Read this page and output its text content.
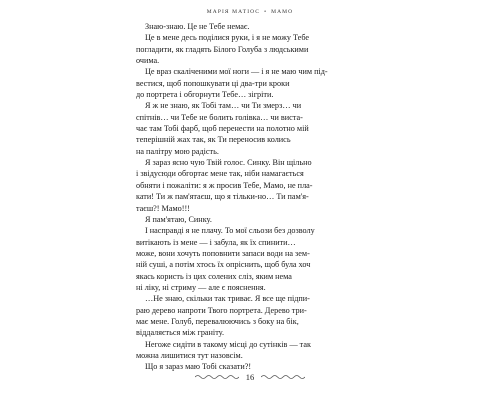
МАРІЯ МАТІОС • МАМО
Знаю-знаю. Це не Тебе немає.
Це в мене десь поділися руки, і я не можу Тебе
погладити, як гладять Білого Голуба з людськими
очима.
Це враз скаліченими мої ноги — і я не маю чим під-
вестися, щоб попошкувати ці два-три кроки
до портрета і обгорнути Тебе… зігріти.
Я ж не знаю, як Тобі там… чи Ти змерз… чи
спітнів… чи Тебе не болить голівка… чи виста-
чає там Тобі фарб, щоб перенести на полотно мій
теперішній жах так, як Ти переносив колись
на палітру мою радість.
Я зараз ясно чую Твій голос. Синку. Він щільно
і звідусюди обгортає мене так, ніби намагається
обняти і пожаліти: я ж просив Тебе, Мамо, не пла-
кати! Ти ж пам'ятаєш, що я тільки-но… Ти пам'я-
таєш?! Мамо!!!
Я пам'ятаю, Синку.
І насправді я не плачу. То мої сльози без дозволу
витікають із мене — і забула, як їх спинити…
може, вони хочуть поповнити запаси води на зем-
ній суші, а потім хтось їх опріснить, щоб була хоч
якась користь із цих солених сліз, яким нема
ні ліку, ні стриму — але є пояснення.
…Не знаю, скільки так триває. Я все ще підпи-
раю дерево напроти Твого портрета. Дерево три-
має мене. Голуб, перевалюючись з боку на бік,
віддаляється між граніту.
Негоже сидіти в такому місці до сутінків — так
можна лишитися тут назовсім.
Що я зараз маю Тобі сказати?!
16
